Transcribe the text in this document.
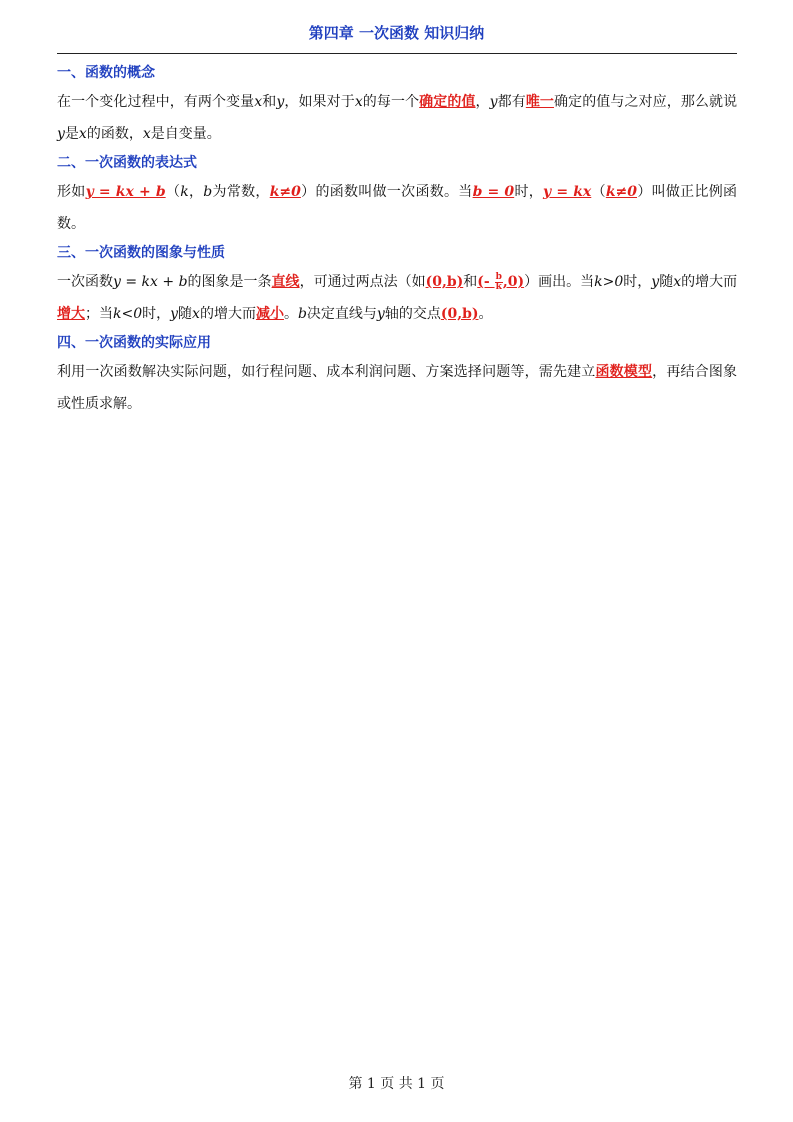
第四章 一次函数 知识归纳
一、函数的概念
在一个变化过程中，有两个变量x和y，如果对于x的每一个确定的值，y都有唯一确定的值与之对应，那么就说y是x的函数，x是自变量。
二、一次函数的表达式
形如y = kx + b（k，b为常数，k≠0）的函数叫做一次函数。当b = 0时，y = kx（k≠0）叫做正比例函数。
三、一次函数的图象与性质
一次函数y = kx + b的图象是一条直线，可通过两点法（如(0,b)和(- $\frac{b}{k} ,0$)）画出。当k>0时，y随x的增大而增大；当k<0时，y随x的增大而减小。b决定直线与y轴的交点(0,b)。
四、一次函数的实际应用
利用一次函数解决实际问题，如行程问题、成本利润问题、方案选择问题等，需先建立函数模型，再结合图象或性质求解。
第 1 页 共 1 页
